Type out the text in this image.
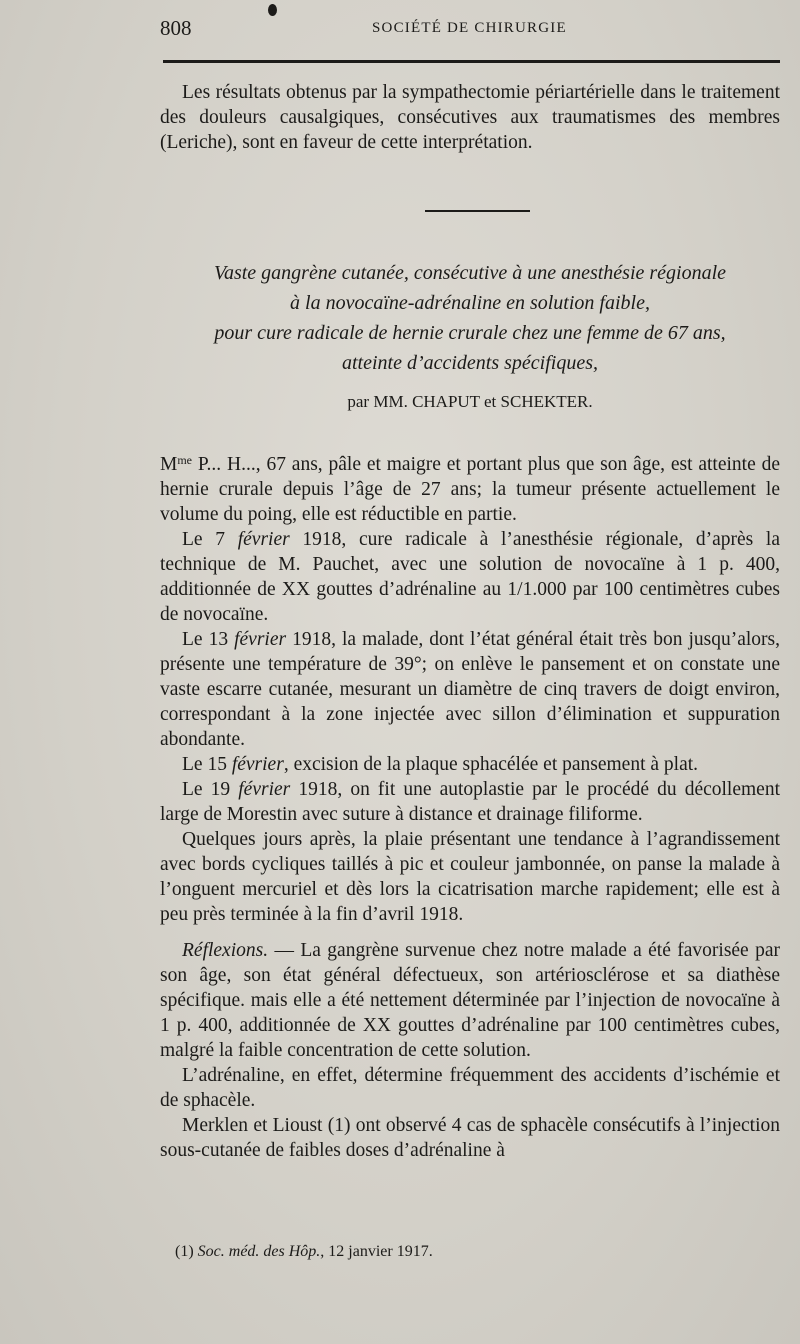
808	SOCIÉTÉ DE CHIRURGIE

Les résultats obtenus par la sympathectomie périartérielle dans le traitement des douleurs causalgiques, consécutives aux traumatismes des membres (Leriche), sont en faveur de cette interprétation.

Vaste gangrène cutanée, consécutive à une anesthésie régionale
à la novocaïne-adrénaline en solution faible,
pour cure radicale de hernie crurale chez une femme de 67 ans,
atteinte d’accidents spécifiques,
par MM. CHAPUT et SCHEKTER.

$M^{me}$ P... H..., 67 ans, pâle et maigre et portant plus que son âge, est atteinte de hernie crurale depuis l’âge de 27 ans; la tumeur présente actuellement le volume du poing, elle est réductible en partie.

Le 7 février 1918, cure radicale à l’anesthésie régionale, d’après la technique de M. Pauchet, avec une solution de novocaïne à 1 p. 400, additionnée de XX gouttes d’adrénaline au 1/1.000 par 100 centimètres cubes de novocaïne.

Le 13 février 1918, la malade, dont l’état général était très bon jusqu’alors, présente une température de 39°; on enlève le pansement et on constate une vaste escarre cutanée, mesurant un diamètre de cinq travers de doigt environ, correspondant à la zone injectée avec sillon d’élimination et suppuration abondante.

Le 15 février, excision de la plaque sphacélée et pansement à plat.

Le 19 février 1918, on fit une autoplastie par le procédé du décollement large de Morestin avec suture à distance et drainage filiforme.

Quelques jours après, la plaie présentant une tendance à l’agrandissement avec bords cycliques taillés à pic et couleur jambonnée, on panse la malade à l’onguent mercuriel et dès lors la cicatrisation marche rapidement; elle est à peu près terminée à la fin d’avril 1918.

Réflexions. — La gangrène survenue chez notre malade a été favorisée par son âge, son état général défectueux, son artériosclérose et sa diathèse spécifique. mais elle a été nettement déterminée par l’injection de novocaïne à 1 p. 400, additionnée de XX gouttes d’adrénaline par 100 centimètres cubes, malgré la faible concentration de cette solution.

L’adrénaline, en effet, détermine fréquemment des accidents d’ischémie et de sphacèle.

Merklen et Lioust (1) ont observé 4 cas de sphacèle consécutifs à l’injection sous-cutanée de faibles doses d’adrénaline à

(1) Soc. méd. des Hôp., 12 janvier 1917.
